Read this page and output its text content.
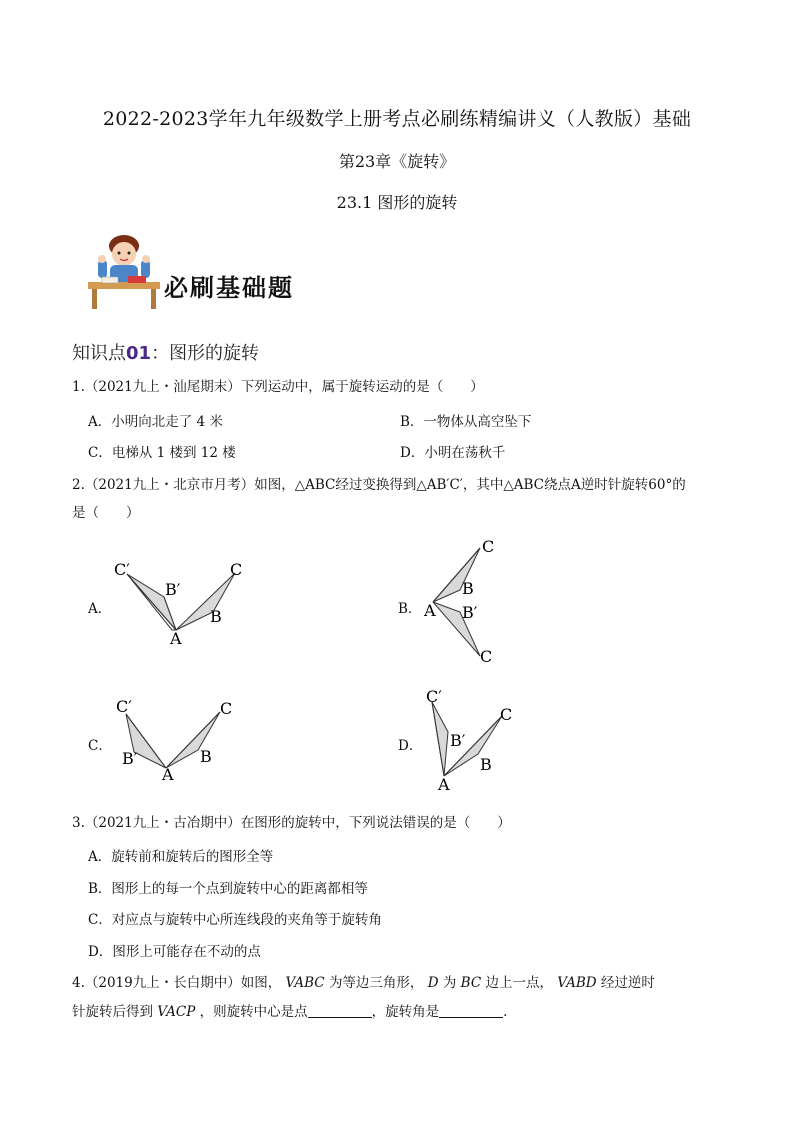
2022-2023学年九年级数学上册考点必刷练精编讲义（人教版）基础
第23章《旋转》
23.1 图形的旋转
必刷基础题
知识点01：图形的旋转
1.（2021九上・汕尾期末）下列运动中，属于旋转运动的是（　　）
A．小明向北走了 4 米	B．一物体从高空坠下
C．电梯从 1 楼到 12 楼	D．小明在荡秋千
2.（2021九上・北京市月考）如图，△ABC经过变换得到△AB′C′，其中△ABC绕点A逆时针旋转60°的
是（　　）
A．
C′
B′
A
C
B	B．
C
B
A B′
C
C．
C′
B′
A
C
B
D．
C′
B′
A
C
B
3.（2021九上・古冶期中）在图形的旋转中，下列说法错误的是（　　）
A．旋转前和旋转后的图形全等
B．图形上的每一个点到旋转中心的距离都相等
C．对应点与旋转中心所连线段的夹角等于旋转角
D．图形上可能存在不动的点
4.（2019九上・长白期中）如图， VABC 为等边三角形， D 为 BC 边上一点， VABD 经过逆时
针旋转后得到 VACP ，则旋转中心是点	，旋转角是	.
